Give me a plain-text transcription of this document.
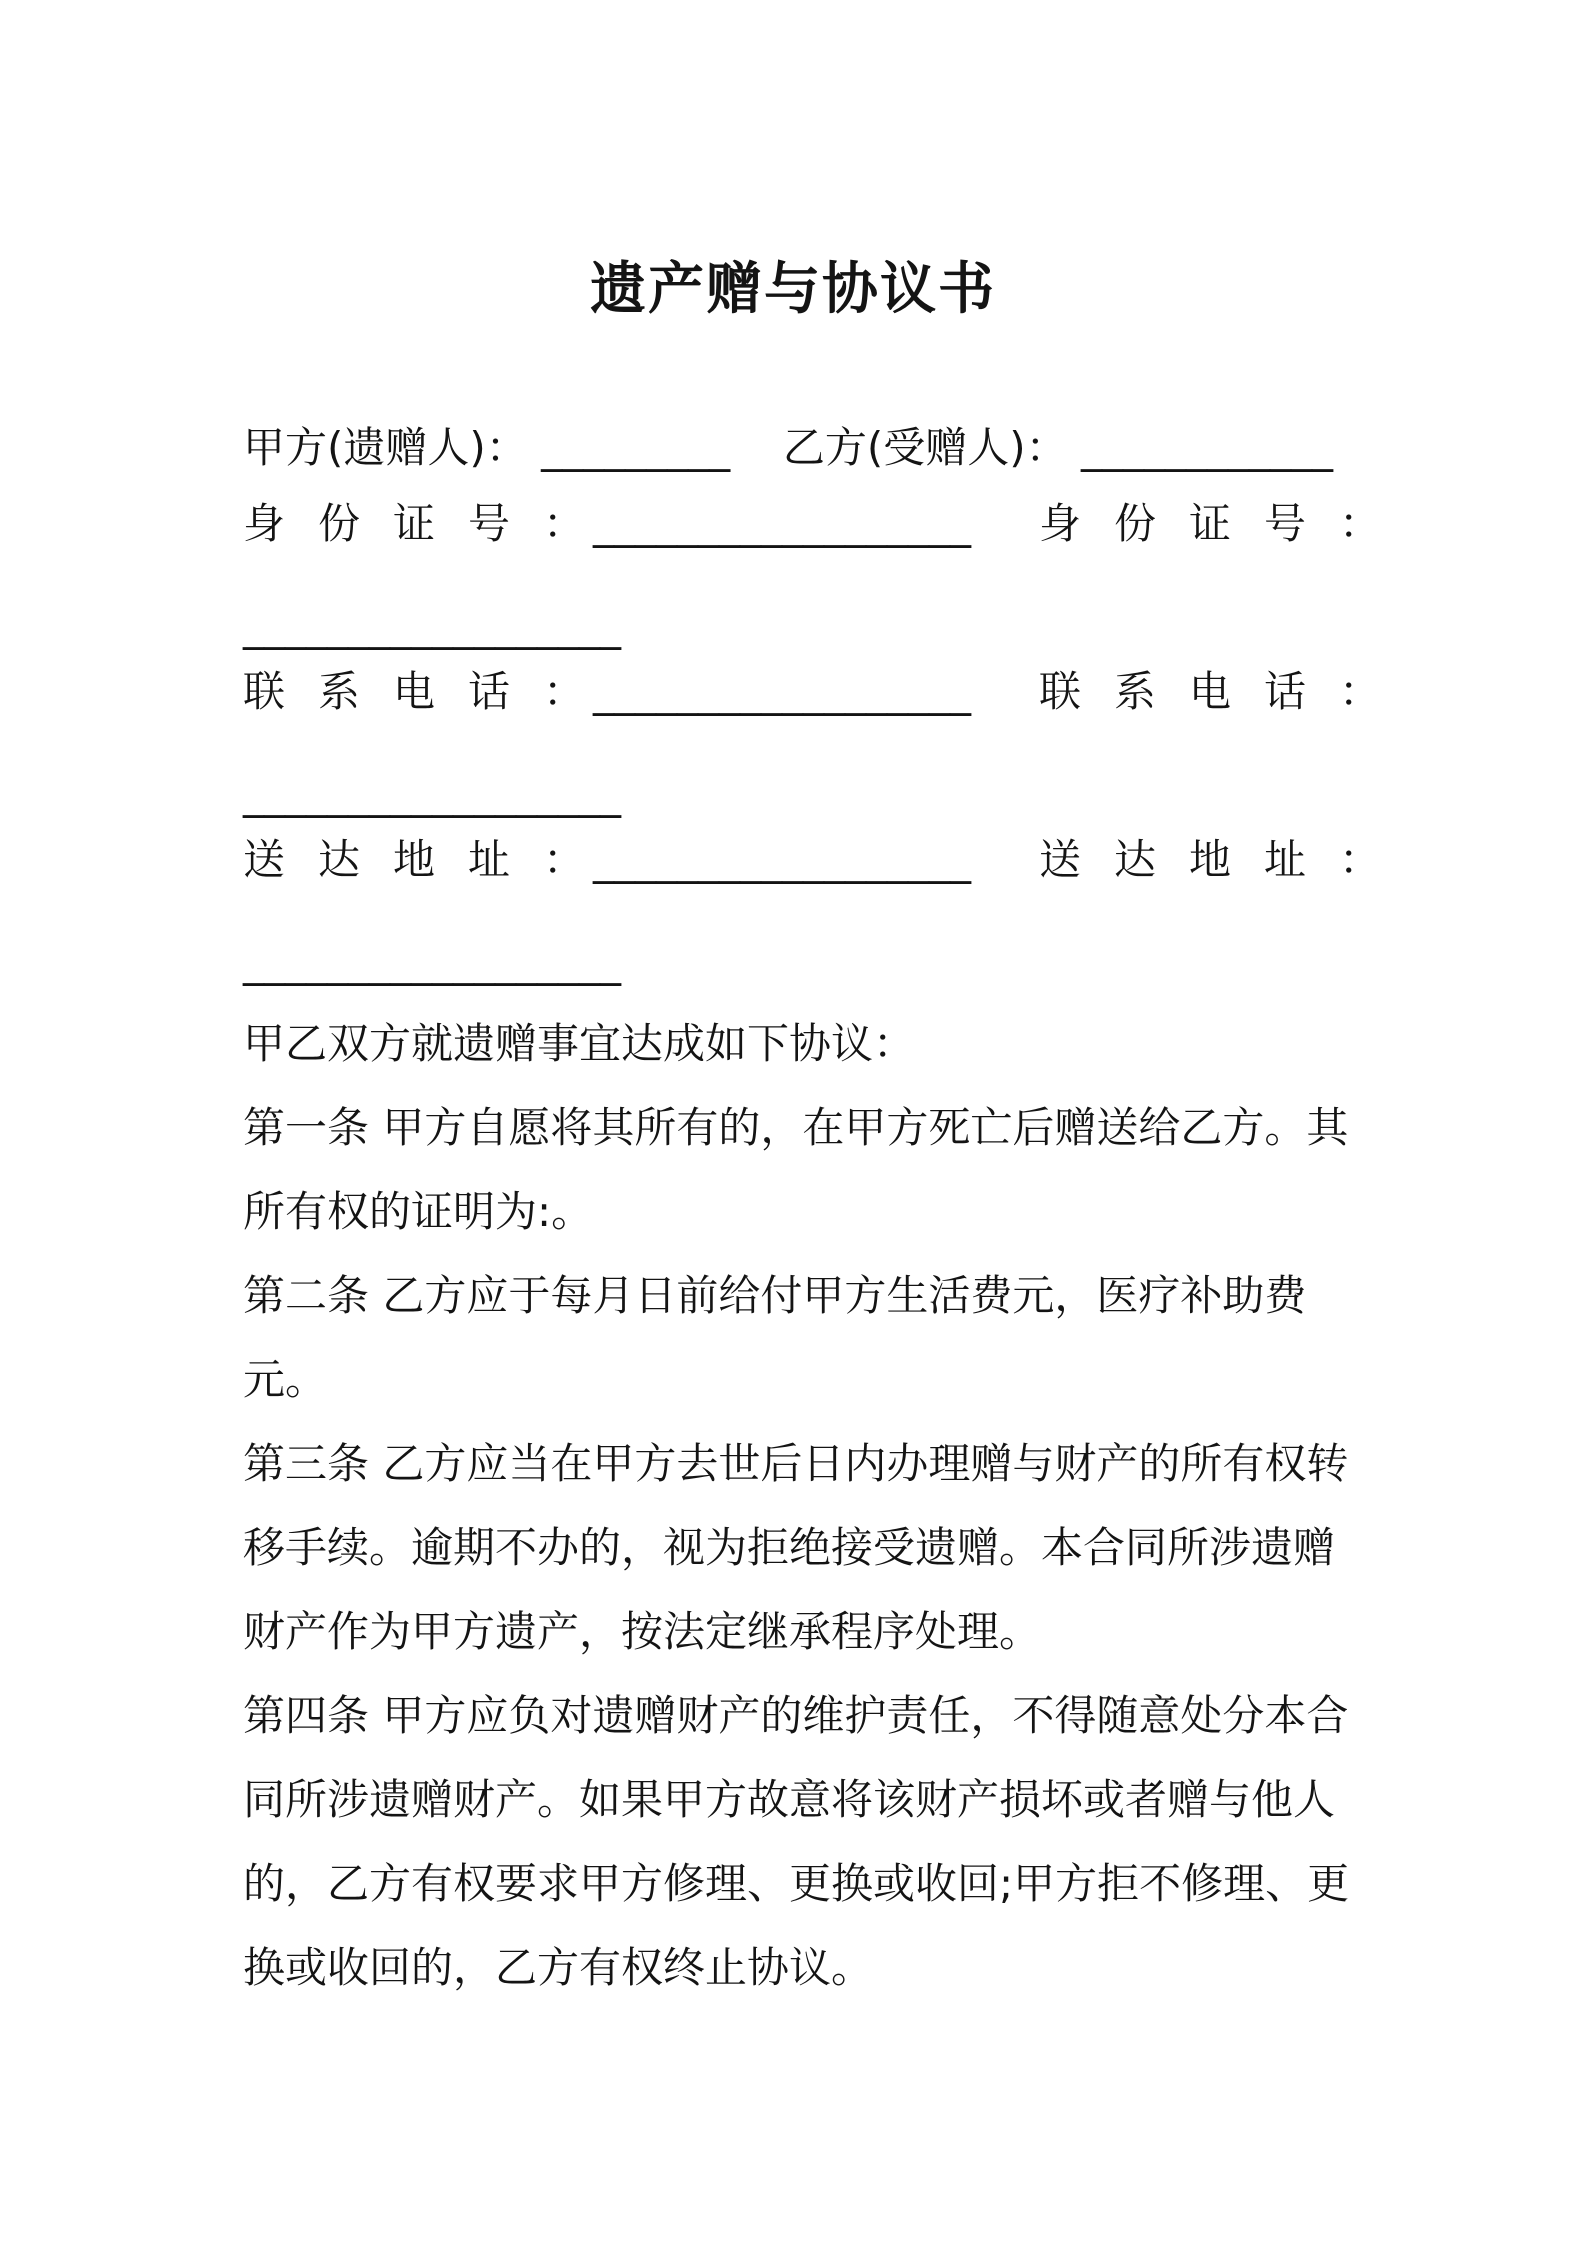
遗产赠与协议书
甲方(遗赠人)： _________ 乙方(受赠人)： ____________
身份证号：__________________ 身份证号：
__________________
联系电话：__________________ 联系电话：
__________________
送达地址：__________________ 送达地址：
__________________

甲乙双方就遗赠事宜达成如下协议：

第一条 甲方自愿将其所有的，在甲方死亡后赠送给乙方。其所有权的证明为:。

第二条 乙方应于每月日前给付甲方生活费元，医疗补助费元。

第三条 乙方应当在甲方去世后日内办理赠与财产的所有权转移手续。逾期不办的，视为拒绝接受遗赠。本合同所涉遗赠财产作为甲方遗产，按法定继承程序处理。

第四条 甲方应负对遗赠财产的维护责任，不得随意处分本合同所涉遗赠财产。如果甲方故意将该财产损坏或者赠与他人的，乙方有权要求甲方修理、更换或收回;甲方拒不修理、更换或收回的，乙方有权终止协议。
